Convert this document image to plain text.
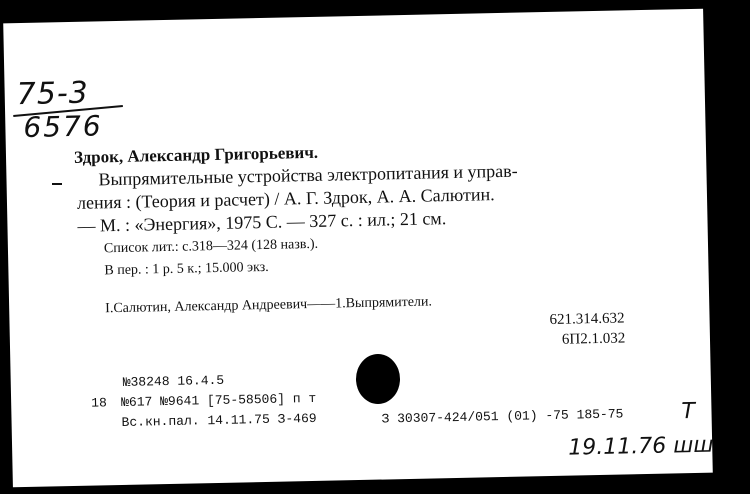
75-3
6576
Здрок, Александр Григорьевич.
Выпрямительные устройства электропитания и управ-
ления : (Теория и расчет) / А. Г. Здрок, А. А. Салютин.
— М. : «Энергия», 1975 С. — 327 с. : ил.; 21 см.
Список лит.: с.318—324 (128 назв.).
В пер. : 1 р. 5 к.; 15.000 экз.
I.Салютин, Александр Андреевич——1.Выпрямители.
621.314.632
6П2.1.032
№38248 16.4.5
18 №617 №9641 [75-58506] п т
Вс.кн.пал. 14.11.75 З-469	З 30307-424/051 (01) -75 185-75
19.11.76 шш
Т
